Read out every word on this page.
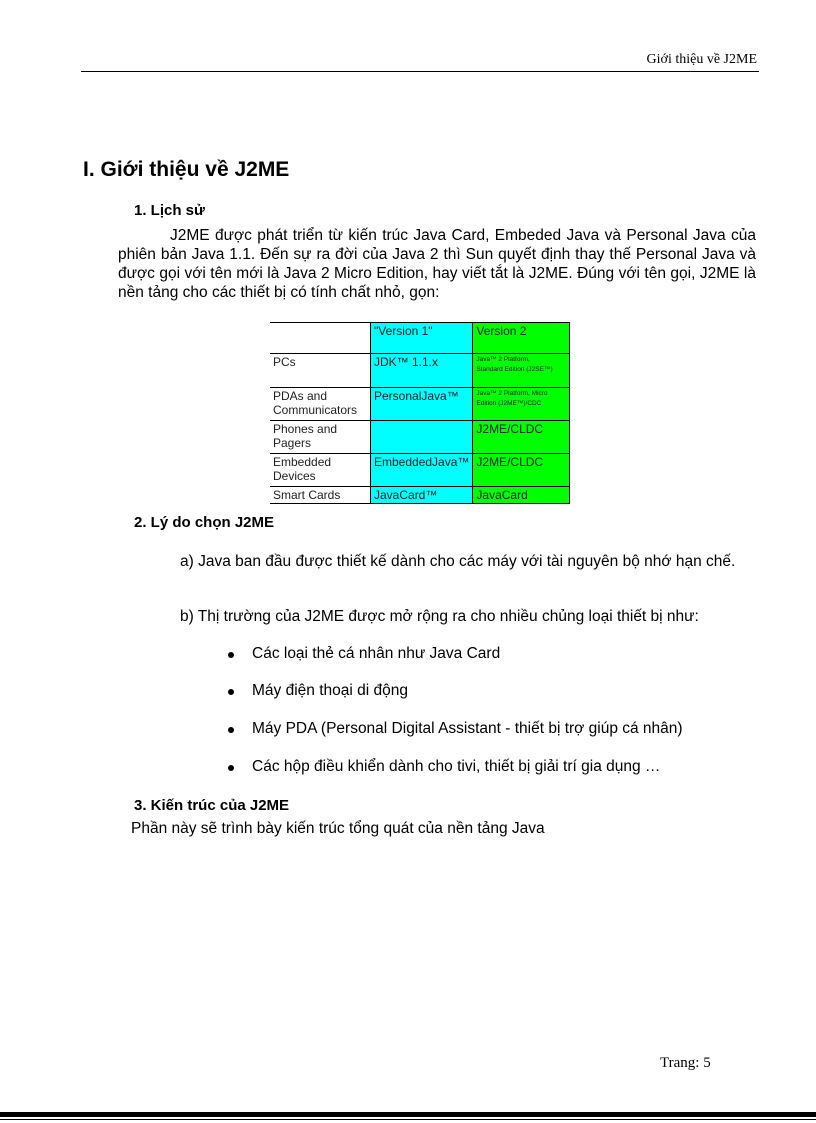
Giới thiệu về J2ME
I. Giới thiệu về J2ME
1. Lịch sử

J2ME được phát triển từ kiến trúc Java Card, Embeded Java và Personal Java của phiên bản Java 1.1. Đến sự ra đời của Java 2 thì Sun quyết định thay thế Personal Java và được gọi với tên mới là Java 2 Micro Edition, hay viết tắt là J2ME. Đúng với tên gọi, J2ME là nền tảng cho các thiết bị có tính chất nhỏ, gọn:

	"Version 1"	Version 2
PCs	JDK™ 1.1.x	Java™ 2 Platform,
Standard Edition (J2SE™)

PDAs and Communicators	PersonalJava™	Java™ 2 Platform, Micro
Edition (J2ME™)/CDC

Phones and Pagers		J2ME/CLDC
Embedded Devices	EmbeddedJava™	J2ME/CLDC
Smart Cards	JavaCard™	JavaCard
2. Lý do chọn J2ME

a) Java ban đầu được thiết kế dành cho các máy với tài nguyên bộ nhớ hạn chế.

b) Thị trường của J2ME được mở rộng ra cho nhiều chủng loại thiết bị như:

Các loại thẻ cá nhân như Java Card
Máy điện thoại di động
Máy PDA (Personal Digital Assistant - thiết bị trợ giúp cá nhân)
Các hộp điều khiển dành cho tivi, thiết bị giải trí gia dụng …
3. Kiến trúc của J2ME

Phần này sẽ trình bày kiến trúc tổng quát của nền tảng Java

Trang: 5
